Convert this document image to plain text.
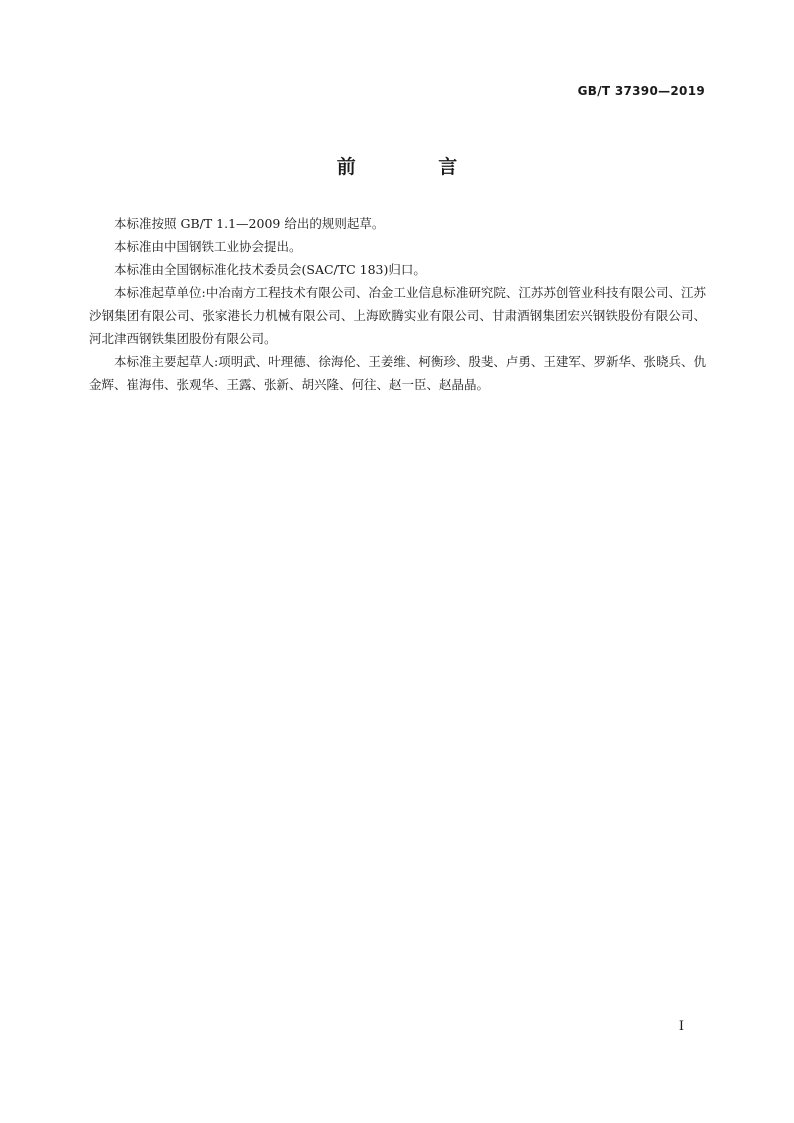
GB/T 37390—2019
前 言

本标准按照 GB/T 1.1—2009 给出的规则起草。

本标准由中国钢铁工业协会提出。

本标准由全国钢标准化技术委员会(SAC/TC 183)归口。

本标准起草单位:中冶南方工程技术有限公司、冶金工业信息标准研究院、江苏苏创管业科技有限公司、江苏沙钢集团有限公司、张家港长力机械有限公司、上海欧腾实业有限公司、甘肃酒钢集团宏兴钢铁股份有限公司、河北津西钢铁集团股份有限公司。

本标准主要起草人:项明武、叶理德、徐海伦、王姜维、柯衡珍、殷斐、卢勇、王建军、罗新华、张晓兵、仇金辉、崔海伟、张观华、王露、张新、胡兴隆、何往、赵一臣、赵晶晶。

I
